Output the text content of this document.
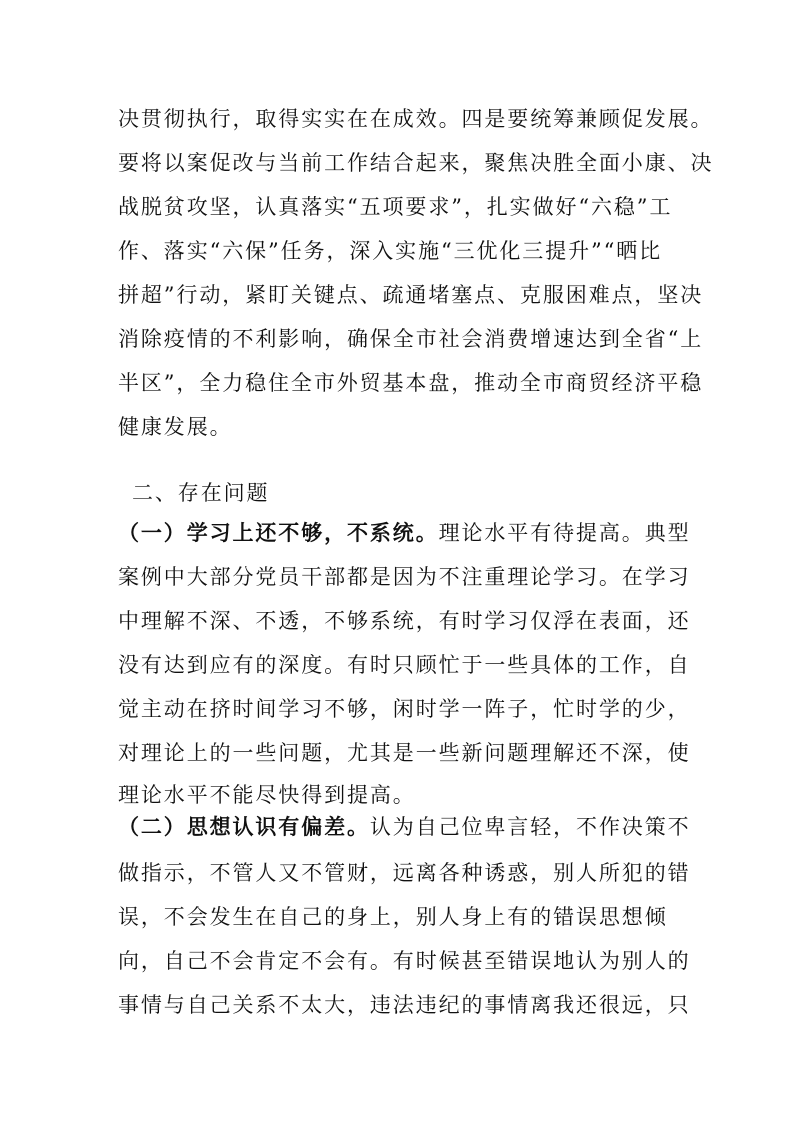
决贯彻执行，取得实实在在成效。四是要统筹兼顾促发展。
要将以案促改与当前工作结合起来，聚焦决胜全面小康、决
战脱贫攻坚，认真落实“五项要求”，扎实做好“六稳”工
作、落实“六保”任务，深入实施“三优化三提升”“晒比
拼超”行动，紧盯关键点、疏通堵塞点、克服困难点，坚决
消除疫情的不利影响，确保全市社会消费增速达到全省“上
半区”，全力稳住全市外贸基本盘，推动全市商贸经济平稳
健康发展。
二、存在问题
（一）学习上还不够，不系统。理论水平有待提高。典型
案例中大部分党员干部都是因为不注重理论学习。在学习
中理解不深、不透，不够系统，有时学习仅浮在表面，还
没有达到应有的深度。有时只顾忙于一些具体的工作，自
觉主动在挤时间学习不够，闲时学一阵子，忙时学的少，
对理论上的一些问题，尤其是一些新问题理解还不深，使
理论水平不能尽快得到提高。
（二）思想认识有偏差。认为自己位卑言轻，不作决策不
做指示，不管人又不管财，远离各种诱惑，别人所犯的错
误，不会发生在自己的身上，别人身上有的错误思想倾
向，自己不会肯定不会有。有时候甚至错误地认为别人的
事情与自己关系不太大，违法违纪的事情离我还很远，只
